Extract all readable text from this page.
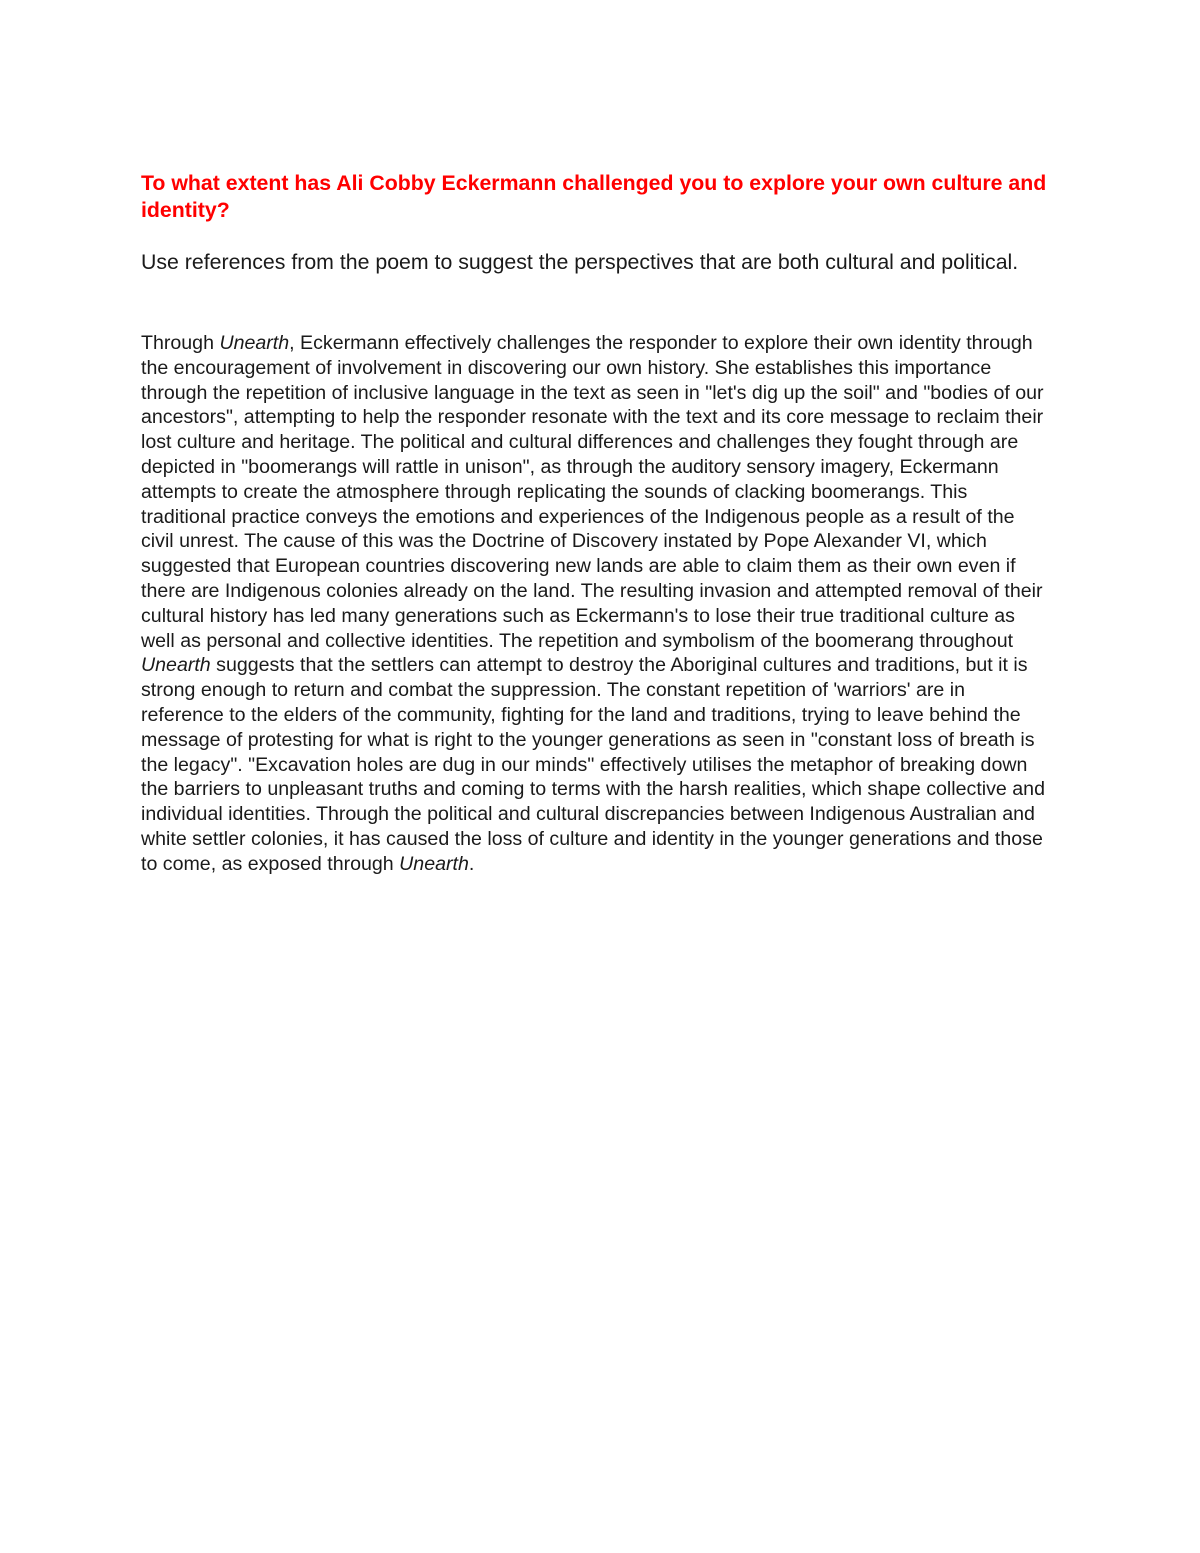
To what extent has Ali Cobby Eckermann challenged you to explore your own culture and identity?

Use references from the poem to suggest the perspectives that are both cultural and political.

Through Unearth, Eckermann effectively challenges the responder to explore their own identity through the encouragement of involvement in discovering our own history. She establishes this importance through the repetition of inclusive language in the text as seen in "let's dig up the soil" and "bodies of our ancestors", attempting to help the responder resonate with the text and its core message to reclaim their lost culture and heritage. The political and cultural differences and challenges they fought through are depicted in "boomerangs will rattle in unison", as through the auditory sensory imagery, Eckermann attempts to create the atmosphere through replicating the sounds of clacking boomerangs. This traditional practice conveys the emotions and experiences of the Indigenous people as a result of the civil unrest. The cause of this was the Doctrine of Discovery instated by Pope Alexander VI, which suggested that European countries discovering new lands are able to claim them as their own even if there are Indigenous colonies already on the land. The resulting invasion and attempted removal of their cultural history has led many generations such as Eckermann's to lose their true traditional culture as well as personal and collective identities. The repetition and symbolism of the boomerang throughout Unearth suggests that the settlers can attempt to destroy the Aboriginal cultures and traditions, but it is strong enough to return and combat the suppression. The constant repetition of 'warriors' are in reference to the elders of the community, fighting for the land and traditions, trying to leave behind the message of protesting for what is right to the younger generations as seen in "constant loss of breath is the legacy". "Excavation holes are dug in our minds" effectively utilises the metaphor of breaking down the barriers to unpleasant truths and coming to terms with the harsh realities, which shape collective and individual identities. Through the political and cultural discrepancies between Indigenous Australian and white settler colonies, it has caused the loss of culture and identity in the younger generations and those to come, as exposed through Unearth.
